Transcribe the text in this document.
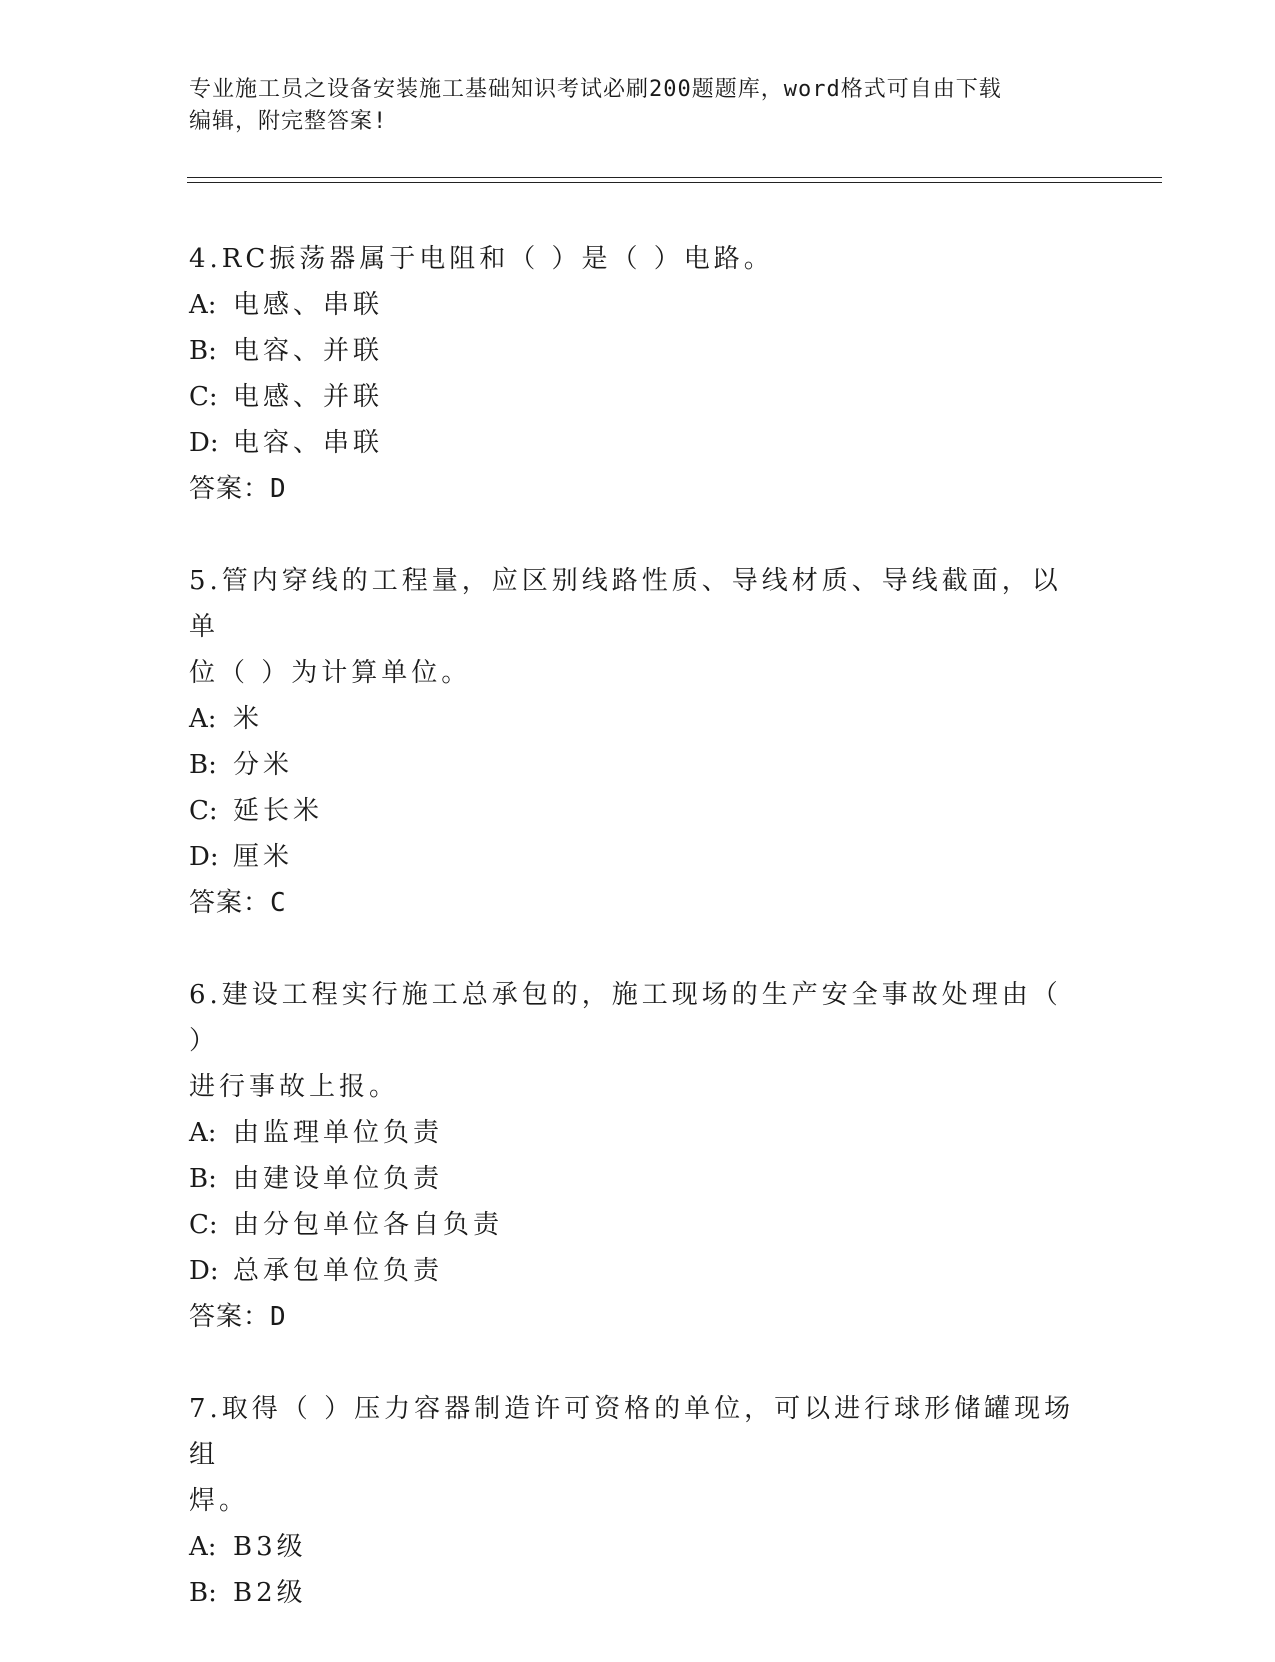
专业施工员之设备安装施工基础知识考试必刷200题题库，word格式可自由下载
编辑，附完整答案!

4.RC振荡器属于电阻和（ ）是（ ）电路。

A: 电感、串联

B: 电容、并联

C: 电感、并联

D: 电容、串联

答案：D

5.管内穿线的工程量，应区别线路性质、导线材质、导线截面，以单

位（ ）为计算单位。

A: 米

B: 分米

C: 延长米

D: 厘米

答案：C

6.建设工程实行施工总承包的，施工现场的生产安全事故处理由（ ）

进行事故上报。

A: 由监理单位负责

B: 由建设单位负责

C: 由分包单位各自负责

D: 总承包单位负责

答案：D

7.取得（ ）压力容器制造许可资格的单位，可以进行球形储罐现场组

焊。

A: B3级

B: B2级
